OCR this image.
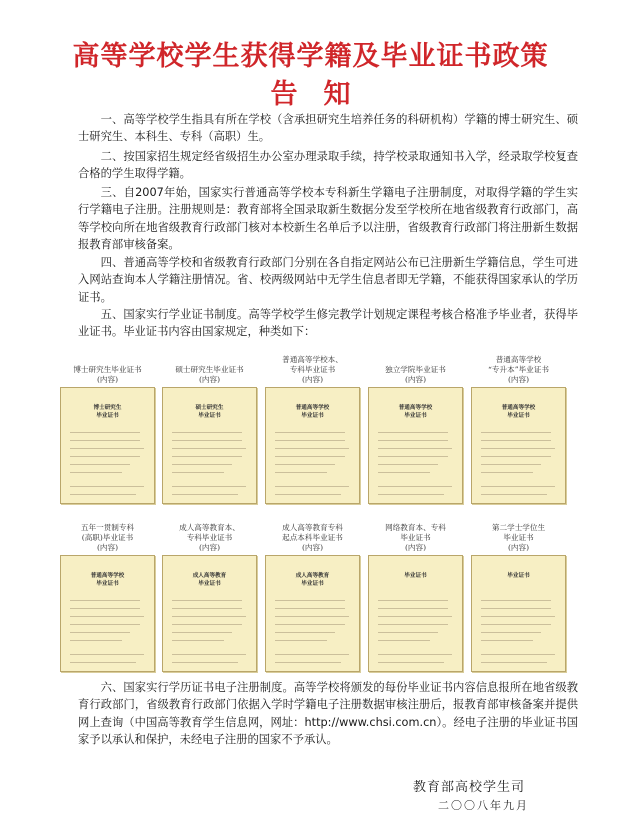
高等学校学生获得学籍及毕业证书政策
告知

一、高等学校学生指具有所在学校（含承担研究生培养任务的科研机构）学籍的博士研究生、硕士研究生、本科生、专科（高职）生。

二、按国家招生规定经省级招生办公室办理录取手续，持学校录取通知书入学，经录取学校复查合格的学生取得学籍。

三、自2007年始，国家实行普通高等学校本专科新生学籍电子注册制度，对取得学籍的学生实行学籍电子注册。注册规则是：教育部将全国录取新生数据分发至学校所在地省级教育行政部门，高等学校向所在地省级教育行政部门核对本校新生名单后予以注册，省级教育行政部门将注册新生数据报教育部审核备案。

四、普通高等学校和省级教育行政部门分别在各自指定网站公布已注册新生学籍信息，学生可进入网站查询本人学籍注册情况。省、校两级网站中无学生信息者即无学籍，不能获得国家承认的学历证书。

五、国家实行学业证书制度。高等学校学生修完教学计划规定课程考核合格准予毕业者，获得毕业证书。毕业证书内容由国家规定，种类如下：

博士研究生毕业证书
(内容)
博士研究生
毕业证书
硕士研究生毕业证书
(内容)
硕士研究生
毕业证书
普通高等学校本、
专科毕业证书
(内容)
普通高等学校
毕业证书
独立学院毕业证书
(内容)
普通高等学校
毕业证书
普通高等学校
“专升本”毕业证书
(内容)
普通高等学校
毕业证书
五年一贯制专科
(高职)毕业证书
(内容)
普通高等学校
毕业证书
成人高等教育本、
专科毕业证书
(内容)
成人高等教育
毕业证书
成人高等教育专科
起点本科毕业证书
(内容)
成人高等教育
毕业证书
网络教育本、专科
毕业证书
(内容)
毕业证书
第二学士学位生
毕业证书
(内容)
毕业证书

六、国家实行学历证书电子注册制度。高等学校将颁发的每份毕业证书内容信息报所在地省级教育行政部门，省级教育行政部门依据入学时学籍电子注册数据审核注册后，报教育部审核备案并提供网上查询（中国高等教育学生信息网，网址：http://www.chsi.com.cn）。经电子注册的毕业证书国家予以承认和保护，未经电子注册的国家不予承认。

教育部高校学生司
二〇〇八年九月
